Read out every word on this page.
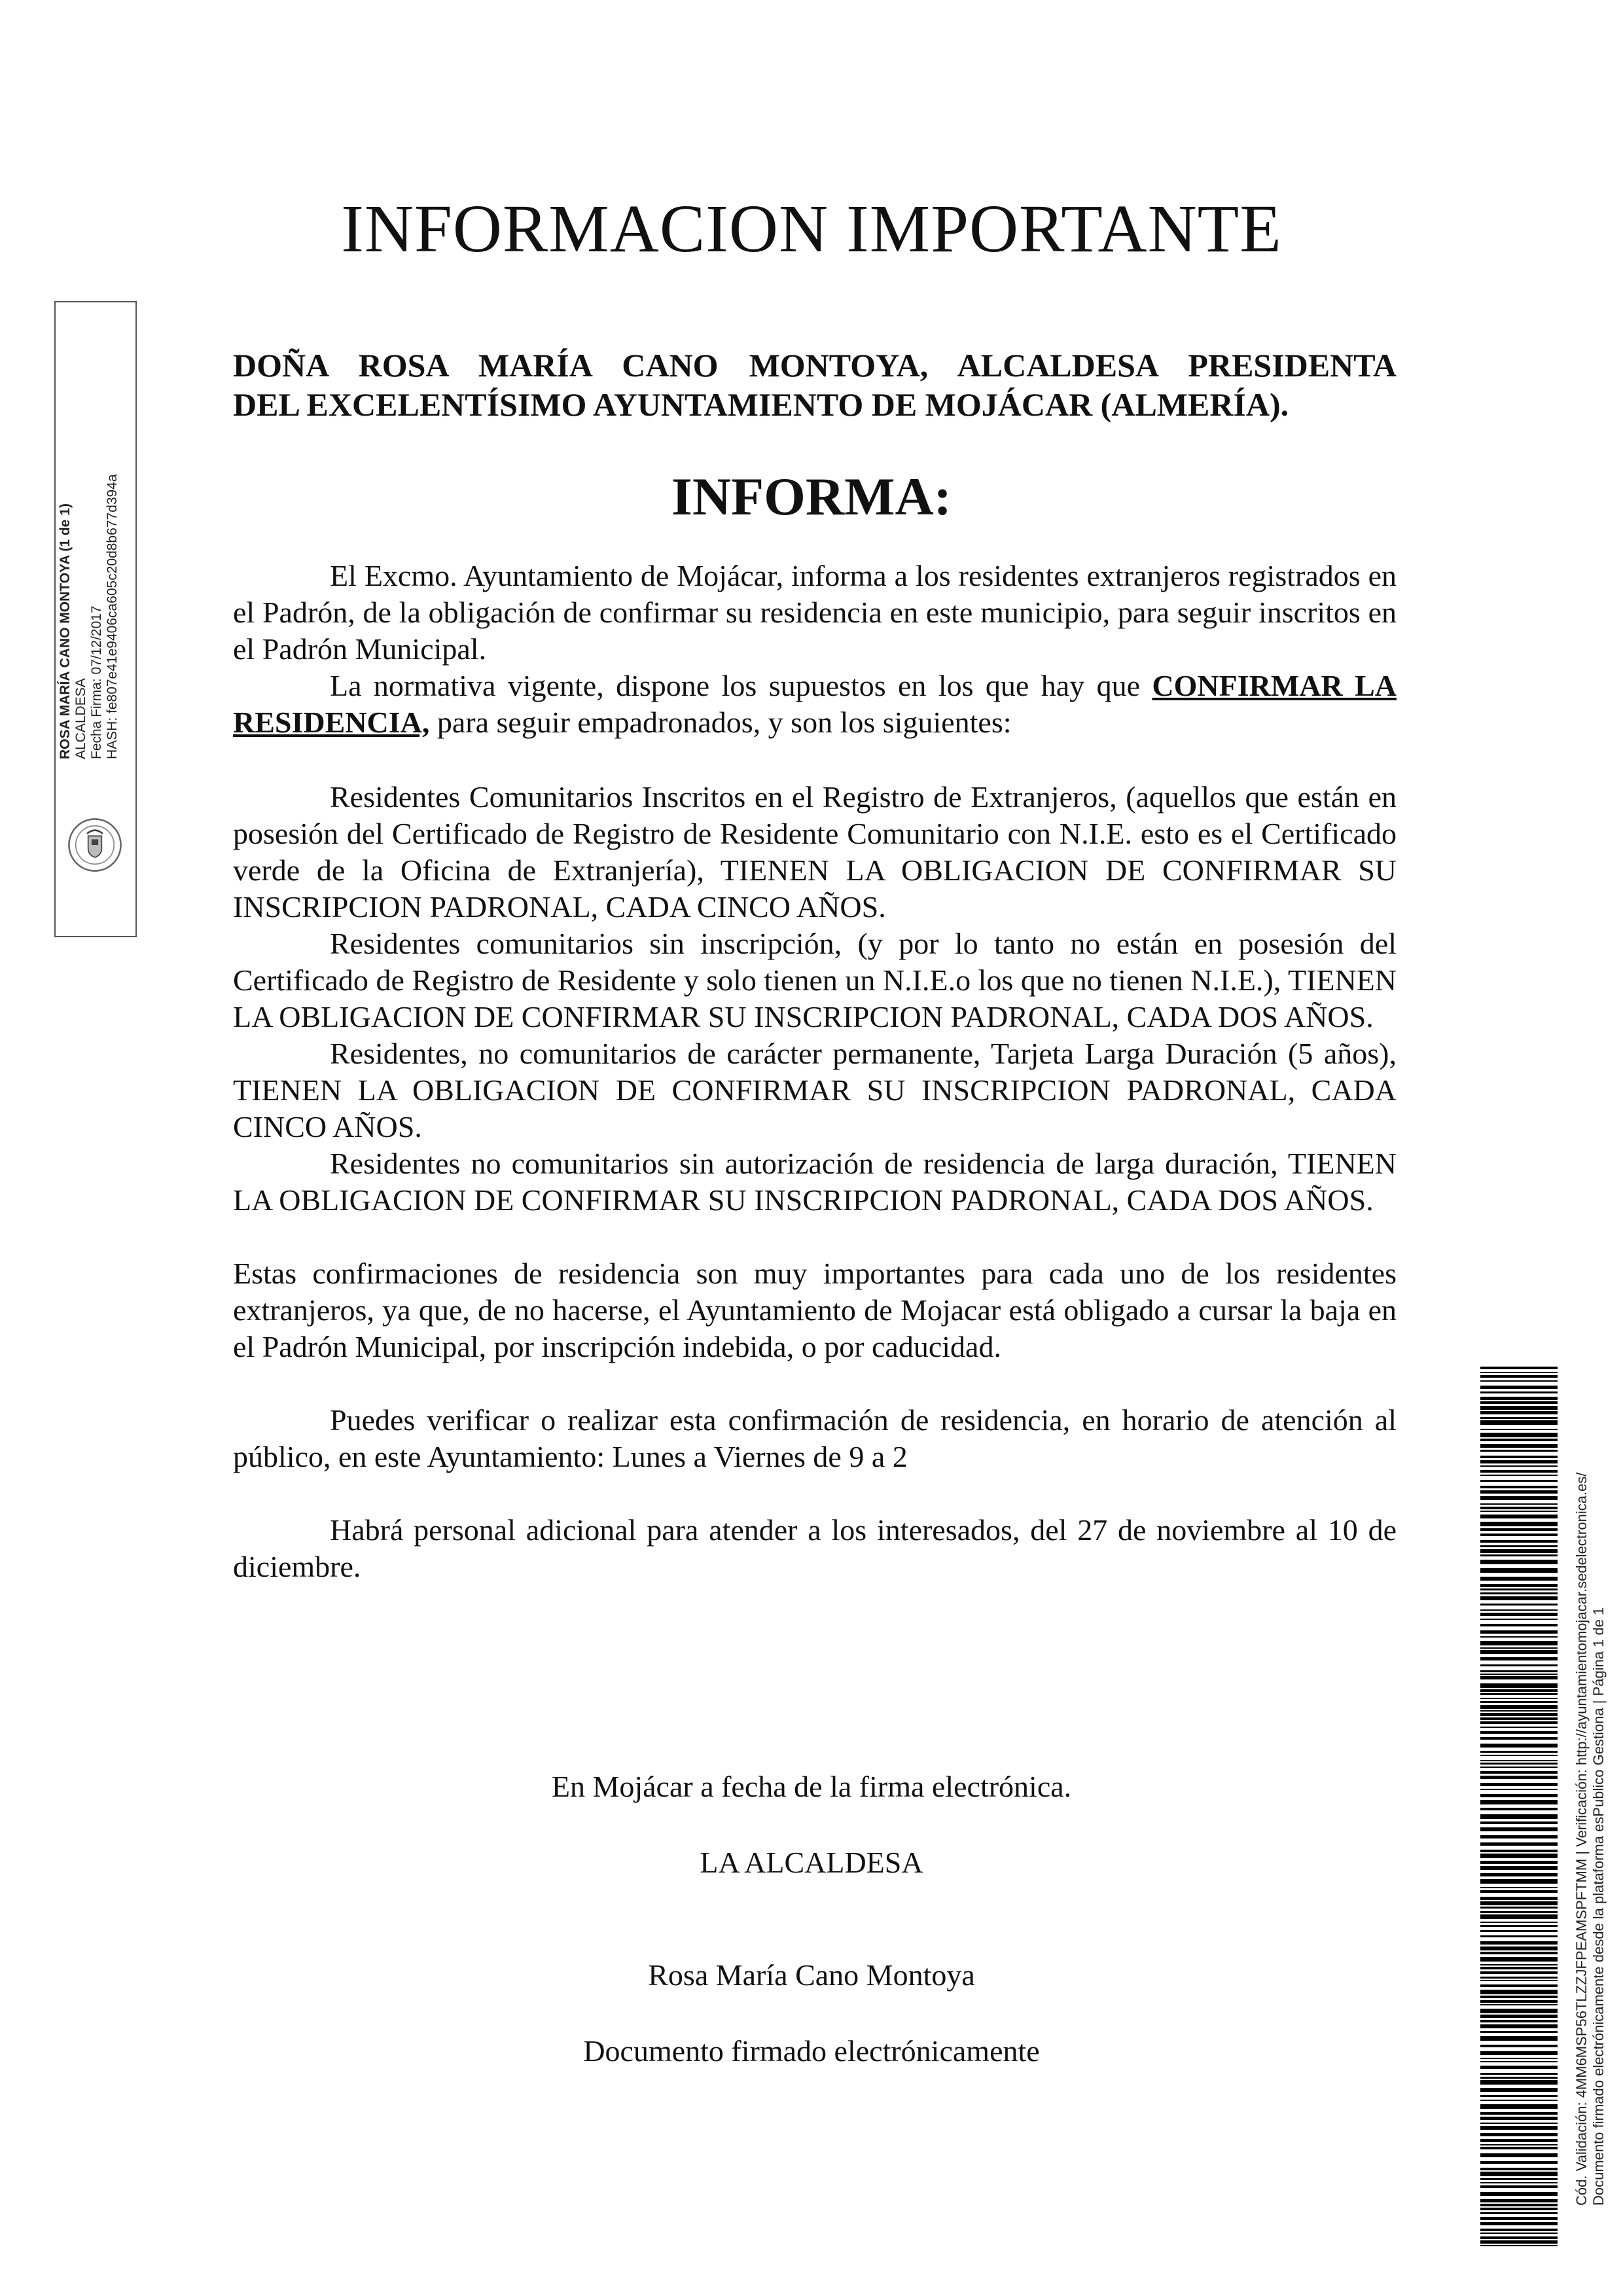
INFORMACION IMPORTANTE
DOÑA ROSA MARÍA CANO MONTOYA, ALCALDESA PRESIDENTA
DEL EXCELENTÍSIMO AYUNTAMIENTO DE MOJÁCAR (ALMERÍA).
INFORMA:

El Excmo. Ayuntamiento de Mojácar, informa a los residentes extranjeros registrados en el Padrón, de la obligación de confirmar su residencia en este municipio, para seguir inscritos en el Padrón Municipal.

La normativa vigente, dispone los supuestos en los que hay que CONFIRMAR LA RESIDENCIA, para seguir empadronados, y son los siguientes:

Residentes Comunitarios Inscritos en el Registro de Extranjeros, (aquellos que están en posesión del Certificado de Registro de Residente Comunitario con N.I.E. esto es el Certificado verde de la Oficina de Extranjería), TIENEN LA OBLIGACION DE CONFIRMAR SU INSCRIPCION PADRONAL, CADA CINCO AÑOS.

Residentes comunitarios sin inscripción, (y por lo tanto no están en posesión del Certificado de Registro de Residente y solo tienen un N.I.E.o los que no tienen N.I.E.), TIENEN LA OBLIGACION DE CONFIRMAR SU INSCRIPCION PADRONAL, CADA DOS AÑOS.

Residentes, no comunitarios de carácter permanente, Tarjeta Larga Duración (5 años), TIENEN LA OBLIGACION DE CONFIRMAR SU INSCRIPCION PADRONAL, CADA CINCO AÑOS.

Residentes no comunitarios sin autorización de residencia de larga duración, TIENEN LA OBLIGACION DE CONFIRMAR SU INSCRIPCION PADRONAL, CADA DOS AÑOS.

Estas confirmaciones de residencia son muy importantes para cada uno de los residentes extranjeros, ya que, de no hacerse, el Ayuntamiento de Mojacar está obligado a cursar la baja en el Padrón Municipal, por inscripción indebida, o por caducidad.

Puedes verificar o realizar esta confirmación de residencia, en horario de atención al público, en este Ayuntamiento: Lunes a Viernes de 9 a 2

Habrá personal adicional para atender a los interesados, del 27 de noviembre al 10 de diciembre.

En Mojácar a fecha de la firma electrónica.
LA ALCALDESA
Rosa María Cano Montoya
Documento firmado electrónicamente
ROSA MARÍA CANO MONTOYA (1 de 1) ALCALDESA Fecha Firma: 07/12/2017 HASH: fe807e41e9406ca605c20d8b677d394a
Cód. Validación: 4MM6MSP56TLZZJFPEAMSPFTMM | Verificación: http://ayuntamientomojacar.sedelectronica.es/ Documento firmado electrónicamente desde la plataforma esPublico Gestiona | Página 1 de 1
